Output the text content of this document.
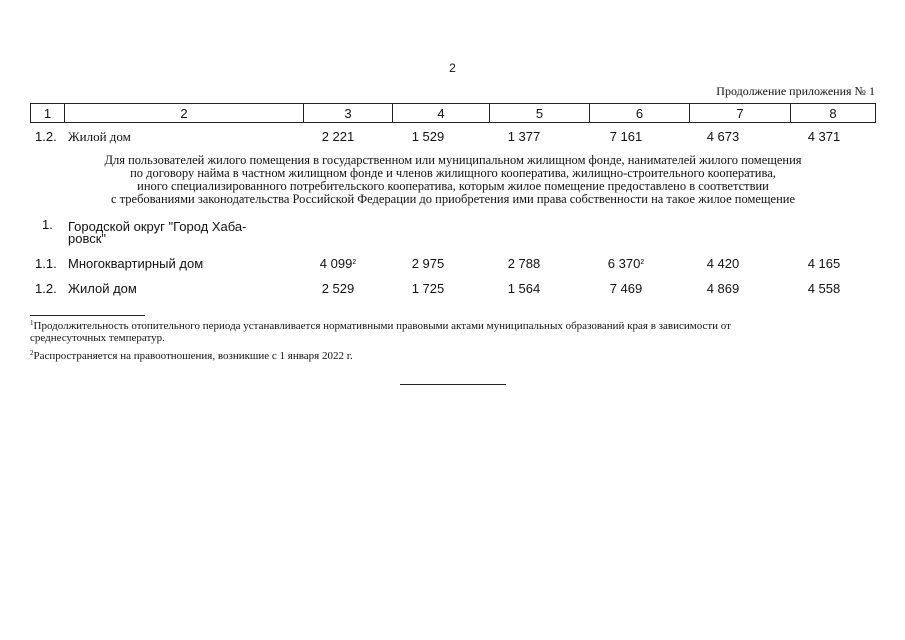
2
Продолжение приложения № 1
1	2	3	4	5	6	7	8
1.2. Жилой дом	2 221	1 529	1 377	7 161	4 673	4 371
Для пользователей жилого помещения в государственном или муниципальном жилищном фонде, нанимателей жилого помещения
по договору найма в частном жилищном фонде и членов жилищного кооператива, жилищно-строительного кооператива,
иного специализированного потребительского кооператива, которым жилое помещение предоставлено в соответствии
с требованиями законодательства Российской Федерации до приобретения ими права собственности на такое жилое помещение
1. Городской округ "Город Хаба-
ровск"
1.1. Многоквартирный дом	4 $099^2$	2 975	2 788	6 $370^2$	4 420	4 165
1.2. Жилой дом	2 529	1 725	1 564	7 469	4 869	4 558
$^1$Продолжительность отопительного периода устанавливается нормативными правовыми актами муниципальных образований края в зависимости от
среднесуточных температур.
$^2$Распространяется на правоотношения, возникшие с 1 января 2022 г.
